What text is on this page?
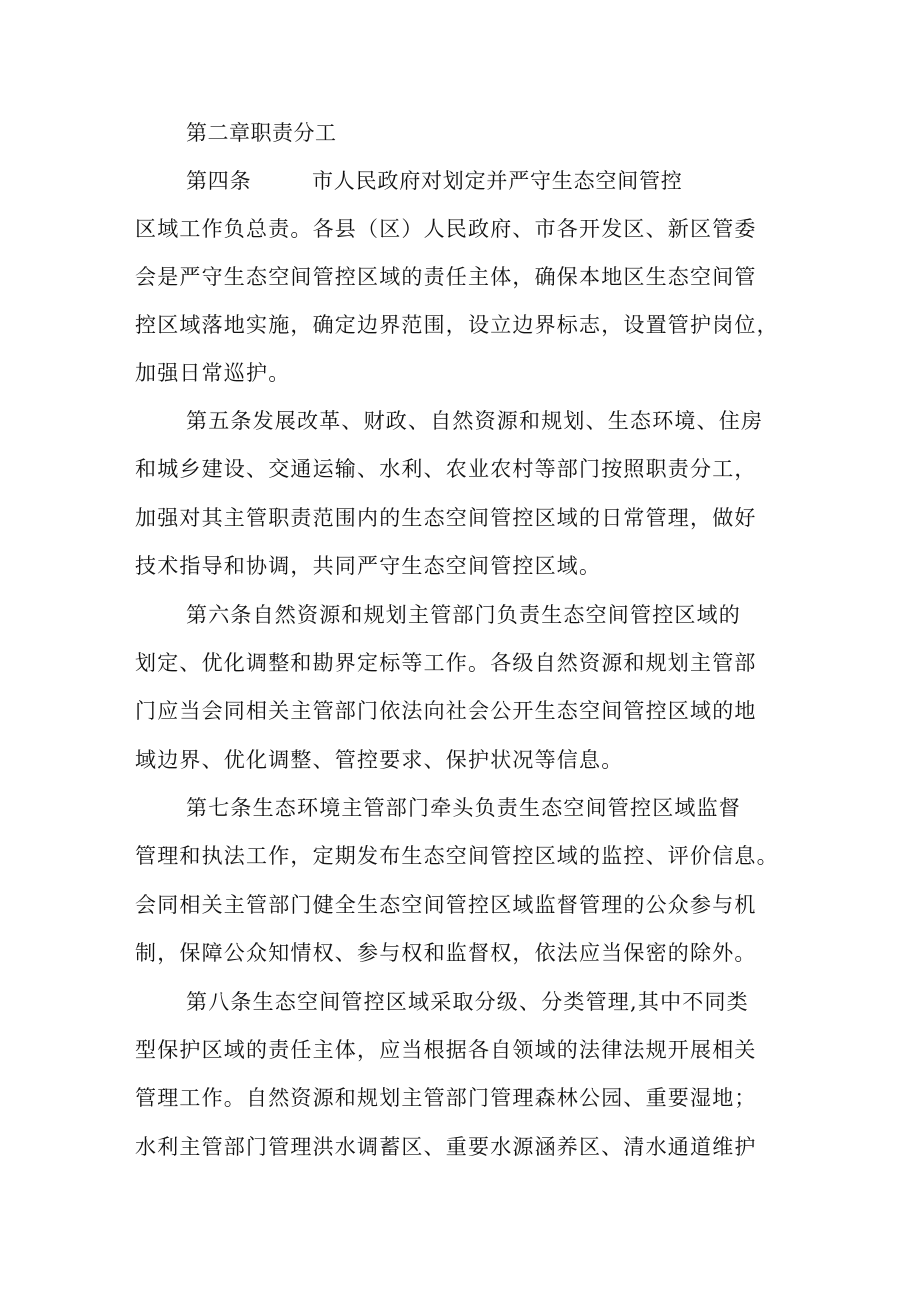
第二章职责分工
第四条	市人民政府对划定并严守生态空间管控
区域工作负总责。各县（区）人民政府、市各开发区、新区管委
会是严守生态空间管控区域的责任主体，确保本地区生态空间管
控区域落地实施，确定边界范围，设立边界标志，设置管护岗位，
加强日常巡护。
第五条发展改革、财政、自然资源和规划、生态环境、住房
和城乡建设、交通运输、水利、农业农村等部门按照职责分工，
加强对其主管职责范围内的生态空间管控区域的日常管理，做好
技术指导和协调，共同严守生态空间管控区域。
第六条自然资源和规划主管部门负责生态空间管控区域的
划定、优化调整和勘界定标等工作。各级自然资源和规划主管部
门应当会同相关主管部门依法向社会公开生态空间管控区域的地
域边界、优化调整、管控要求、保护状况等信息。
第七条生态环境主管部门牵头负责生态空间管控区域监督
管理和执法工作，定期发布生态空间管控区域的监控、评价信息。
会同相关主管部门健全生态空间管控区域监督管理的公众参与机
制，保障公众知情权、参与权和监督权，依法应当保密的除外。
第八条生态空间管控区域采取分级、分类管理,其中不同类
型保护区域的责任主体，应当根据各自领域的法律法规开展相关
管理工作。自然资源和规划主管部门管理森林公园、重要湿地；
水利主管部门管理洪水调蓄区、重要水源涵养区、清水通道维护
